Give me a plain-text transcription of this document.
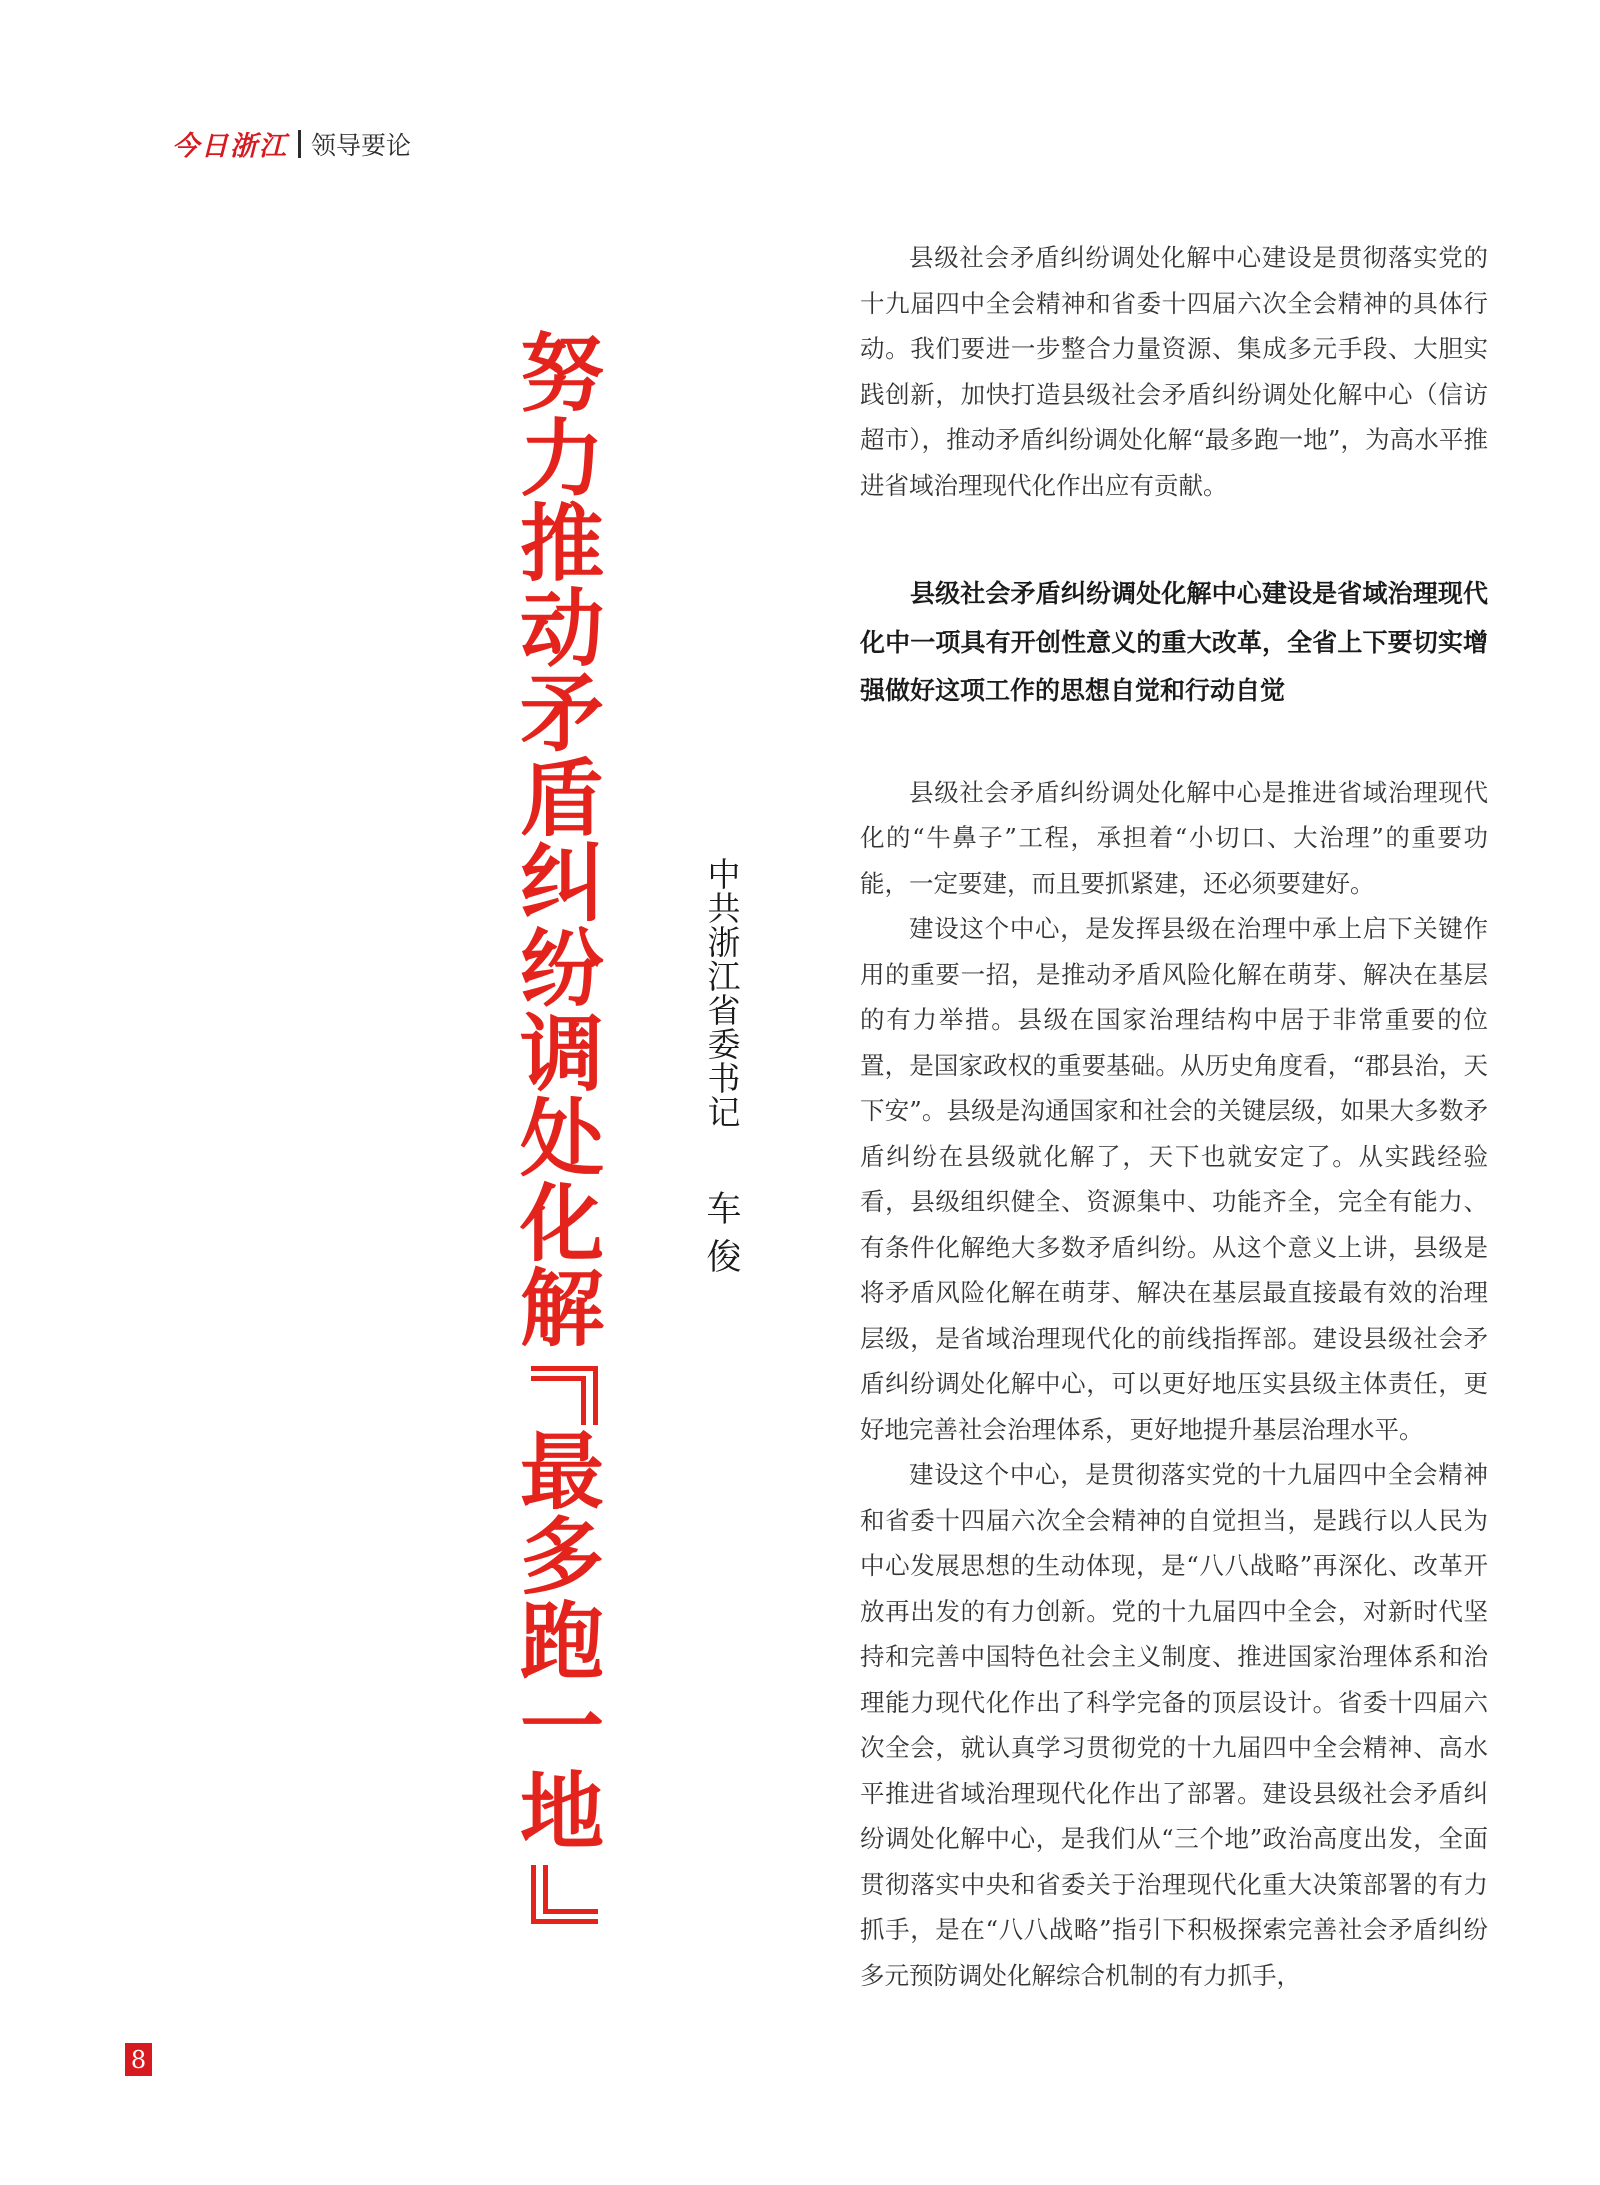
今日浙江 领导要论
努
力
推
动
矛
盾
纠
纷
调
处
化
解
最
多
跑
一
地
中
共
浙
江
省
委
书
记
车
俊

县级社会矛盾纠纷调处化解中心建设是贯彻落实党的十九届四中全会精神和省委十四届六次全会精神的具体行动。我们要进一步整合力量资源、集成多元手段、大胆实践创新，加快打造县级社会矛盾纠纷调处化解中心（信访超市），推动矛盾纠纷调处化解“最多跑一地”，为高水平推进省域治理现代化作出应有贡献。

县级社会矛盾纠纷调处化解中心建设是省域治理现代化中一项具有开创性意义的重大改革，全省上下要切实增强做好这项工作的思想自觉和行动自觉

县级社会矛盾纠纷调处化解中心是推进省域治理现代化的“牛鼻子”工程，承担着“小切口、大治理”的重要功能，一定要建，而且要抓紧建，还必须要建好。

建设这个中心，是发挥县级在治理中承上启下关键作用的重要一招，是推动矛盾风险化解在萌芽、解决在基层的有力举措。县级在国家治理结构中居于非常重要的位置，是国家政权的重要基础。从历史角度看，“郡县治，天下安”。县级是沟通国家和社会的关键层级，如果大多数矛盾纠纷在县级就化解了，天下也就安定了。从实践经验看，县级组织健全、资源集中、功能齐全，完全有能力、有条件化解绝大多数矛盾纠纷。从这个意义上讲，县级是将矛盾风险化解在萌芽、解决在基层最直接最有效的治理层级，是省域治理现代化的前线指挥部。建设县级社会矛盾纠纷调处化解中心，可以更好地压实县级主体责任，更好地完善社会治理体系，更好地提升基层治理水平。

建设这个中心，是贯彻落实党的十九届四中全会精神和省委十四届六次全会精神的自觉担当，是践行以人民为中心发展思想的生动体现，是“八八战略”再深化、改革开放再出发的有力创新。党的十九届四中全会，对新时代坚持和完善中国特色社会主义制度、推进国家治理体系和治理能力现代化作出了科学完备的顶层设计。省委十四届六次全会，就认真学习贯彻党的十九届四中全会精神、高水平推进省域治理现代化作出了部署。建设县级社会矛盾纠纷调处化解中心，是我们从“三个地”政治高度出发，全面贯彻落实中央和省委关于治理现代化重大决策部署的有力抓手，是在“八八战略”指引下积极探索完善社会矛盾纠纷多元预防调处化解综合机制的有力抓手，

8
